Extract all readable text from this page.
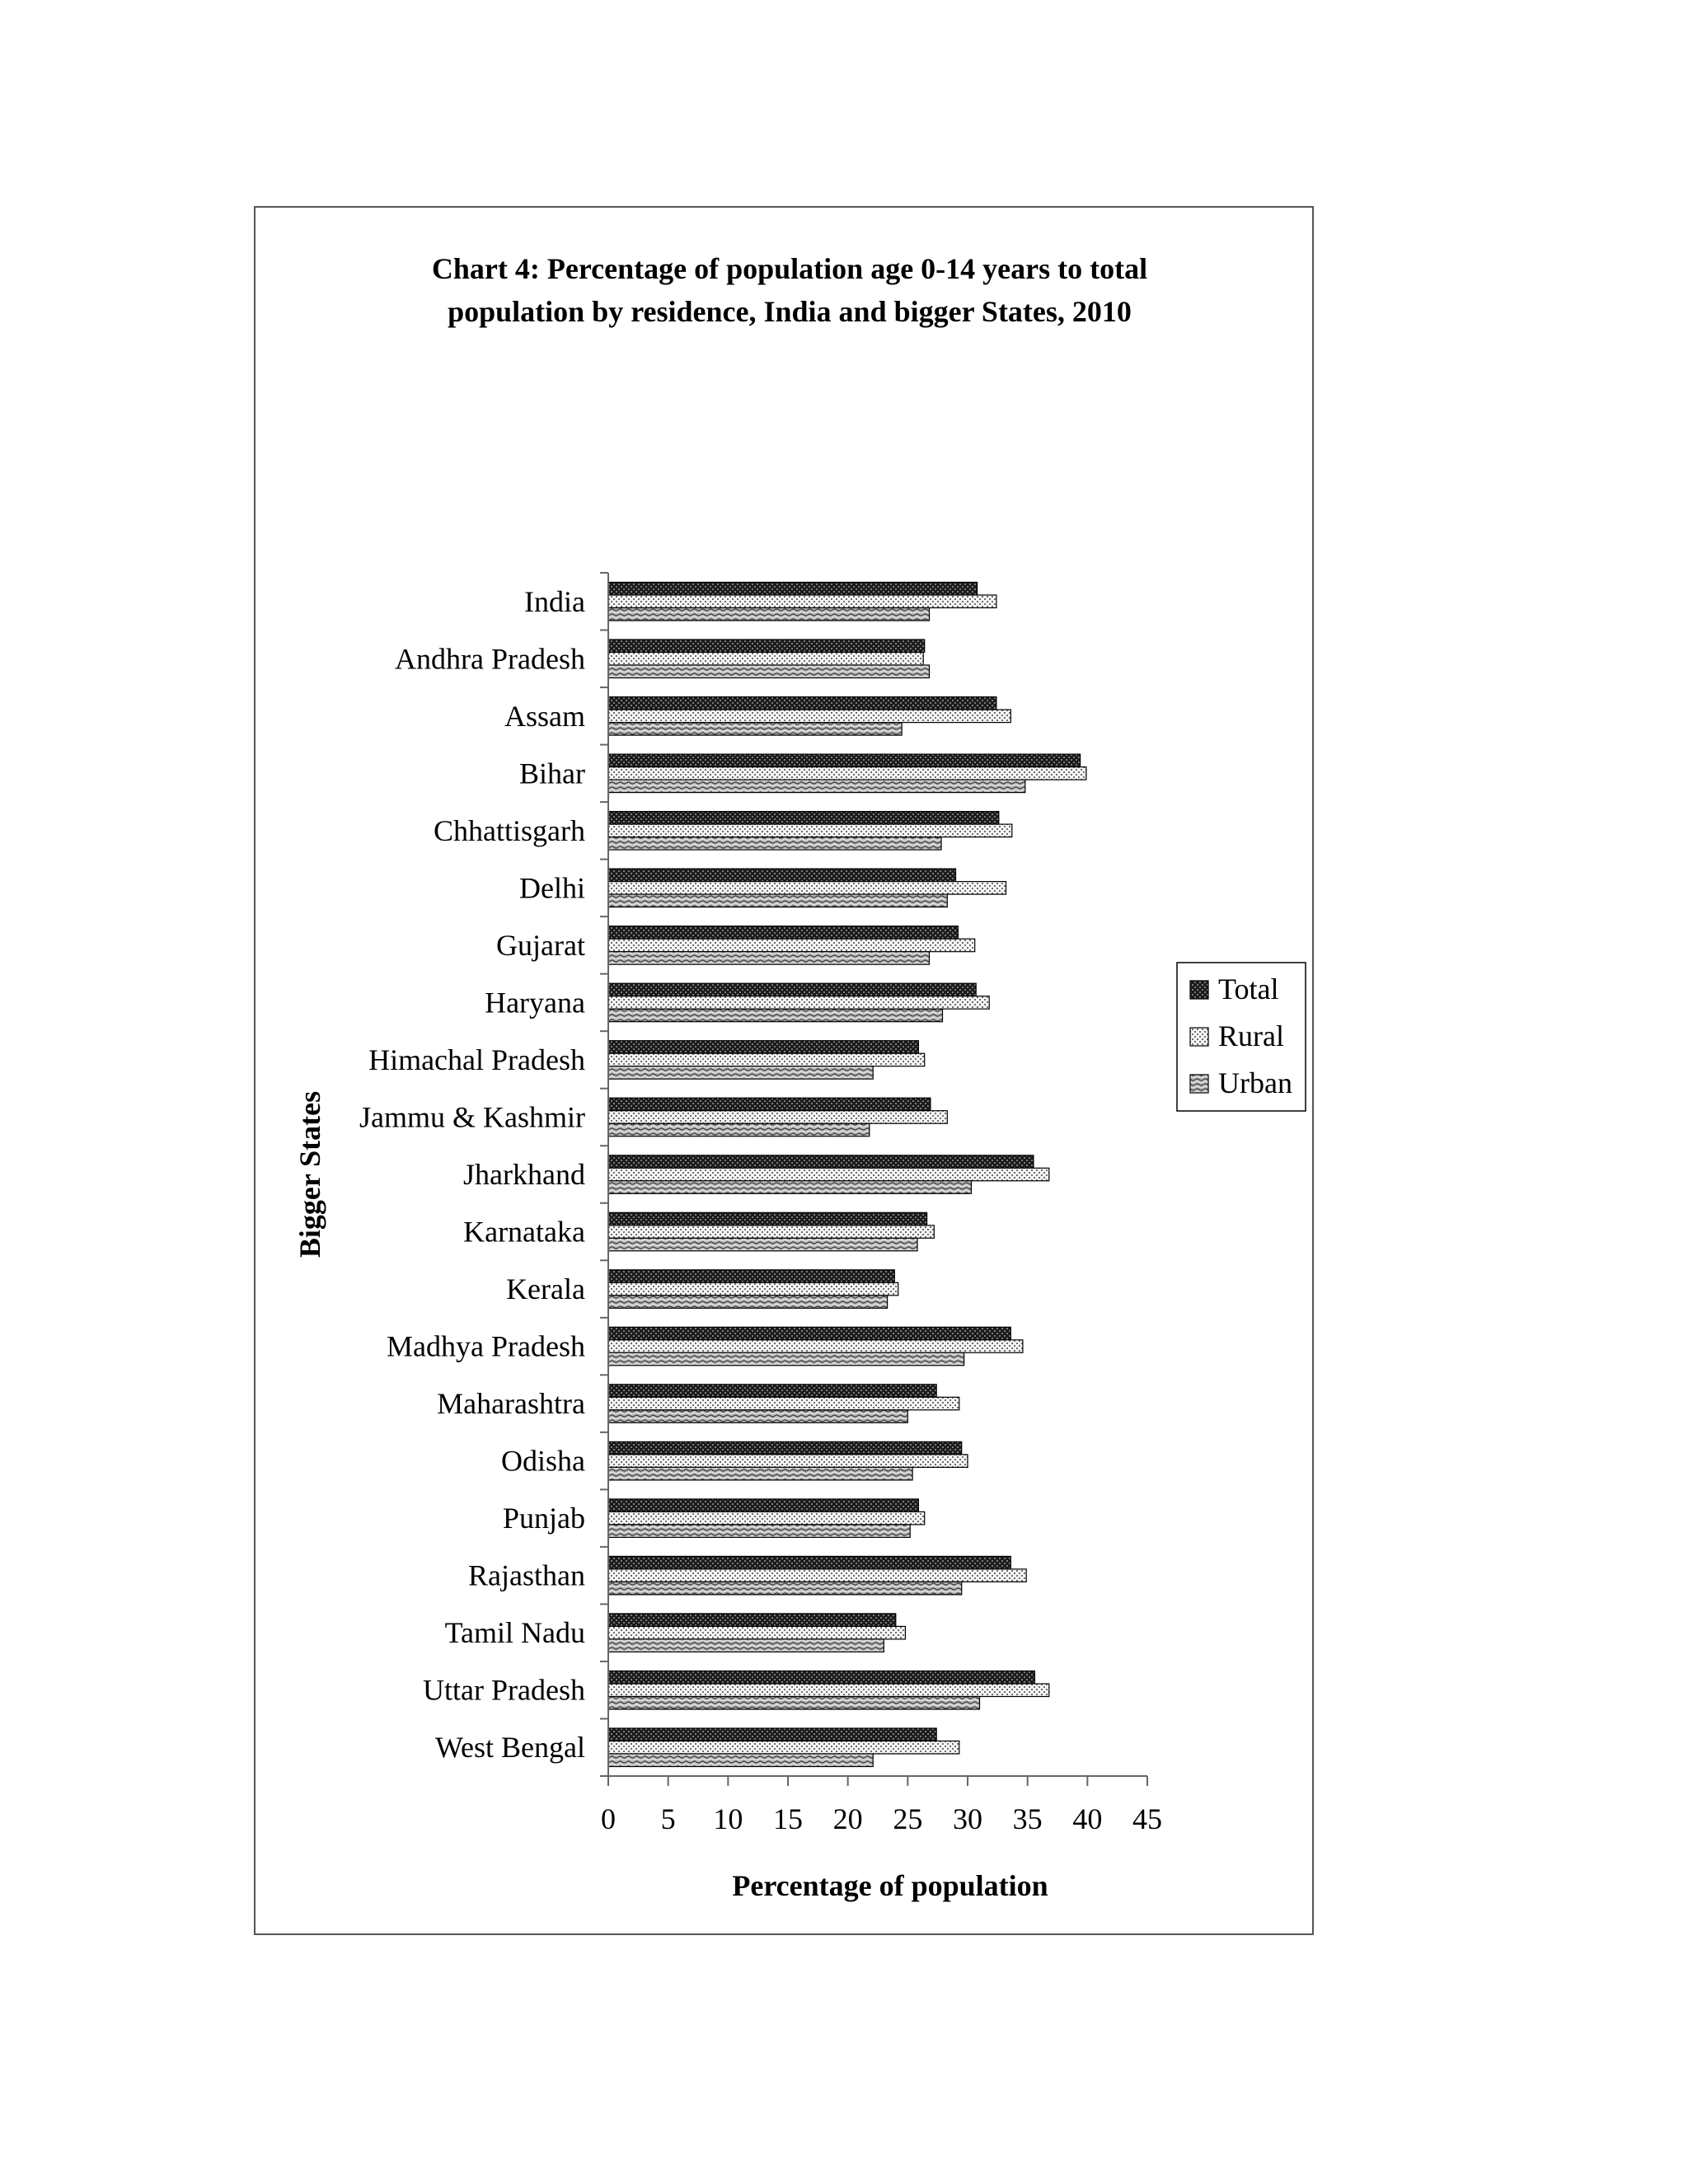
Chart 4: Percentage of population age 0-14 years to total
population by residence, India and bigger States, 2010
India
Andhra Pradesh
Assam
Bihar
Chhattisgarh
Delhi
Gujarat
Haryana
Himachal Pradesh
Jammu & Kashmir
Jharkhand
Karnataka
Kerala
Madhya Pradesh
Maharashtra
Odisha
Punjab
Rajasthan
Tamil Nadu
Uttar Pradesh
West Bengal
0 5 10 15 20 25 30 35 40 45
Percentage of population
Bigger States
Total
Rural
Urban
